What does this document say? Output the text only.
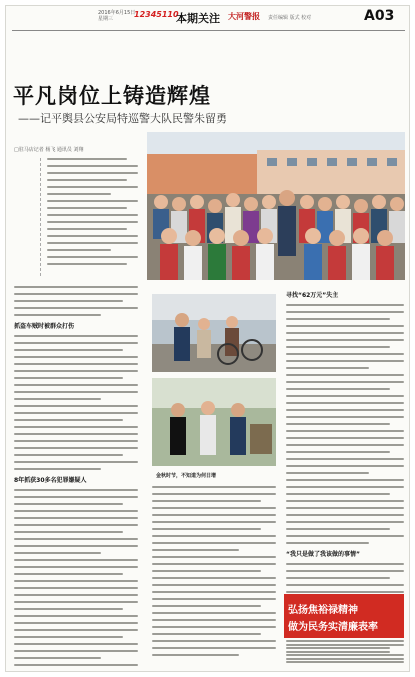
2016年6月15日 星期三	12345110
本期关注 大河警报 责任编辑 版式 校对	A03
平凡岗位上铸造辉煌
——记平舆县公安局特巡警大队民警朱留勇
□驻马店记者 杨飞 通讯员 刘翔
抓盗车贼时被群众打伤
8年抓获30多名犯罪嫌疑人
金秋时节，不知道为何日增
寻找“62万元”失主
“我只是做了我该做的事情”
弘扬焦裕禄精神
做为民务实清廉表率
